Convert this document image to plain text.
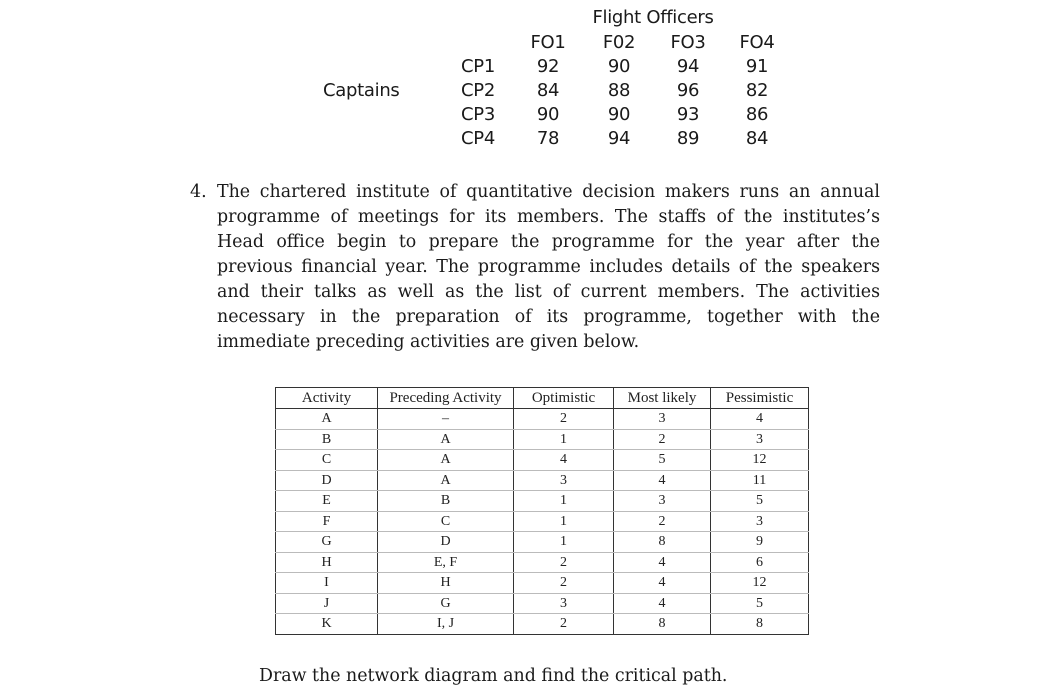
Flight Officers
FO1 F02 FO3 FO4
Captains
CP1 92	90	94	91
CP2 84	88	96	82
CP3 90	90	93	86
CP4 78	94	89	84
4. The chartered institute of quantitative decision makers runs an annual programme of meetings for its members. The staffs of the institutes’s Head office begin to prepare the programme for the year after the previous financial year. The programme includes details of the speakers and their talks as well as the list of current members. The activities necessary in the preparation of its programme, together with the immediate preceding activities are given below.
Activity	Preceding Activity	Optimistic	Most likely	Pessimistic
A	–	2	3	4
B	A	1	2	3
C	A	4	5	12
D	A	3	4	11
E	B	1	3	5
F	C	1	2	3
G	D	1	8	9
H	E, F	2	4	6
I	H	2	4	12
J	G	3	4	5
K	I, J	2	8	8
Draw the network diagram and find the critical path.
